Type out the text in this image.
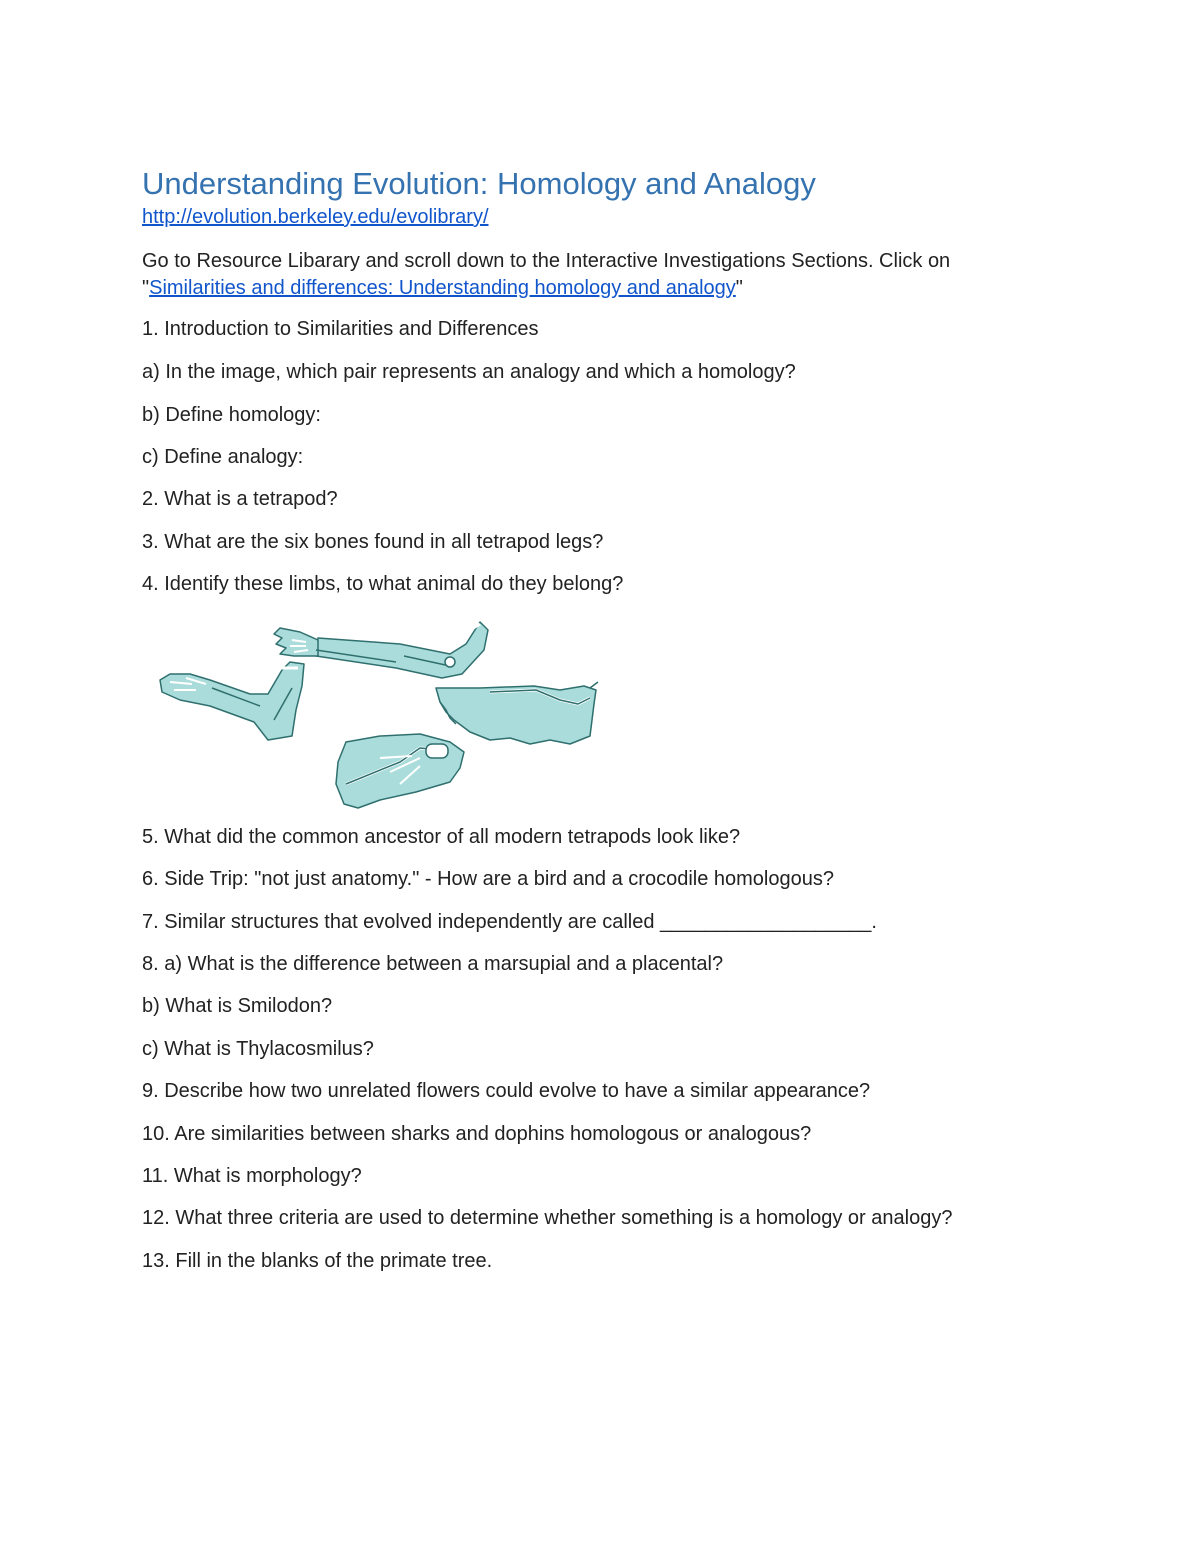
Understanding Evolution: Homology and Analogy
http://evolution.berkeley.edu/evolibrary/
Go to Resource Libarary and scroll down to the Interactive Investigations Sections. Click on "Similarities and differences: Understanding homology and analogy"
1. Introduction to Similarities and Differences
a) In the image, which pair represents an analogy and which a homology?
b) Define homology:
c) Define analogy:
2. What is a tetrapod?
3. What are the six bones found in all tetrapod legs?
4. Identify these limbs, to what animal do they belong?
5. What did the common ancestor of all modern tetrapods look like?
6. Side Trip: "not just anatomy." - How are a bird and a crocodile homologous?
7. Similar structures that evolved independently are called ___________________.
8. a) What is the difference between a marsupial and a placental?
b) What is Smilodon?
c) What is Thylacosmilus?
9. Describe how two unrelated flowers could evolve to have a similar appearance?
10. Are similarities between sharks and dophins homologous or analogous?
11. What is morphology?
12. What three criteria are used to determine whether something is a homology or analogy?
13. Fill in the blanks of the primate tree.
